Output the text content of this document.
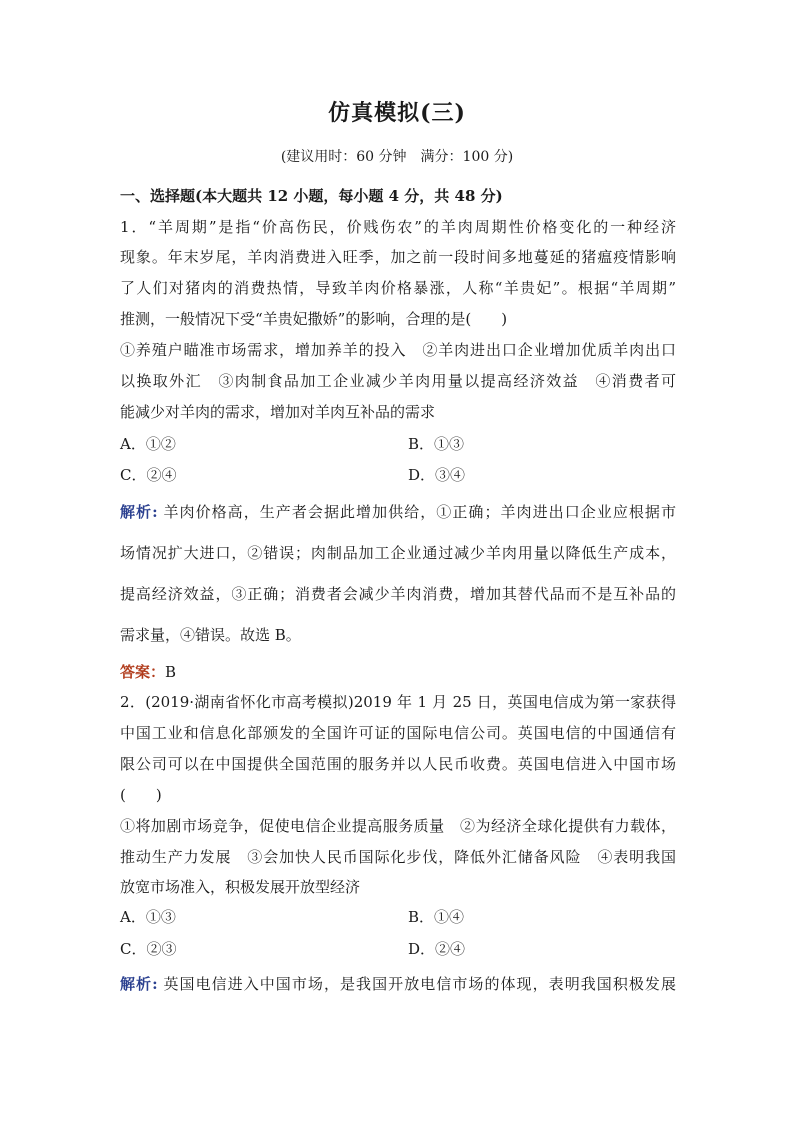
仿真模拟(三)
(建议用时：60 分钟　满分：100 分)
一、选择题(本大题共 12 小题，每小题 4 分，共 48 分)
1．“羊周期”是指“价高伤民，价贱伤农”的羊肉周期性价格变化的一种经济
现象。年末岁尾，羊肉消费进入旺季，加之前一段时间多地蔓延的猪瘟疫情影响
了人们对猪肉的消费热情，导致羊肉价格暴涨，人称“羊贵妃”。根据“羊周期”
推测，一般情况下受“羊贵妃撒娇”的影响，合理的是(　　)
①养殖户瞄准市场需求，增加养羊的投入　②羊肉进出口企业增加优质羊肉出口
以换取外汇　③肉制食品加工企业减少羊肉用量以提高经济效益　④消费者可
能减少对羊肉的需求，增加对羊肉互补品的需求
A．①②	B．①③
C．②④	D．③④
解析: 羊肉价格高，生产者会据此增加供给，①正确；羊肉进出口企业应根据市
场情况扩大进口，②错误；肉制品加工企业通过减少羊肉用量以降低生产成本，
提高经济效益，③正确；消费者会减少羊肉消费，增加其替代品而不是互补品的
需求量，④错误。故选 B。
答案：B
2．(2019·湖南省怀化市高考模拟)2019 年 1 月 25 日，英国电信成为第一家获得
中国工业和信息化部颁发的全国许可证的国际电信公司。英国电信的中国通信有
限公司可以在中国提供全国范围的服务并以人民币收费。英国电信进入中国市场
(　　)
①将加剧市场竞争，促使电信企业提高服务质量　②为经济全球化提供有力载体，
推动生产力发展　③会加快人民币国际化步伐，降低外汇储备风险　④表明我国
放宽市场准入，积极发展开放型经济
A．①③	B．①④
C．②③	D．②④
解析: 英国电信进入中国市场，是我国开放电信市场的体现，表明我国积极发展
